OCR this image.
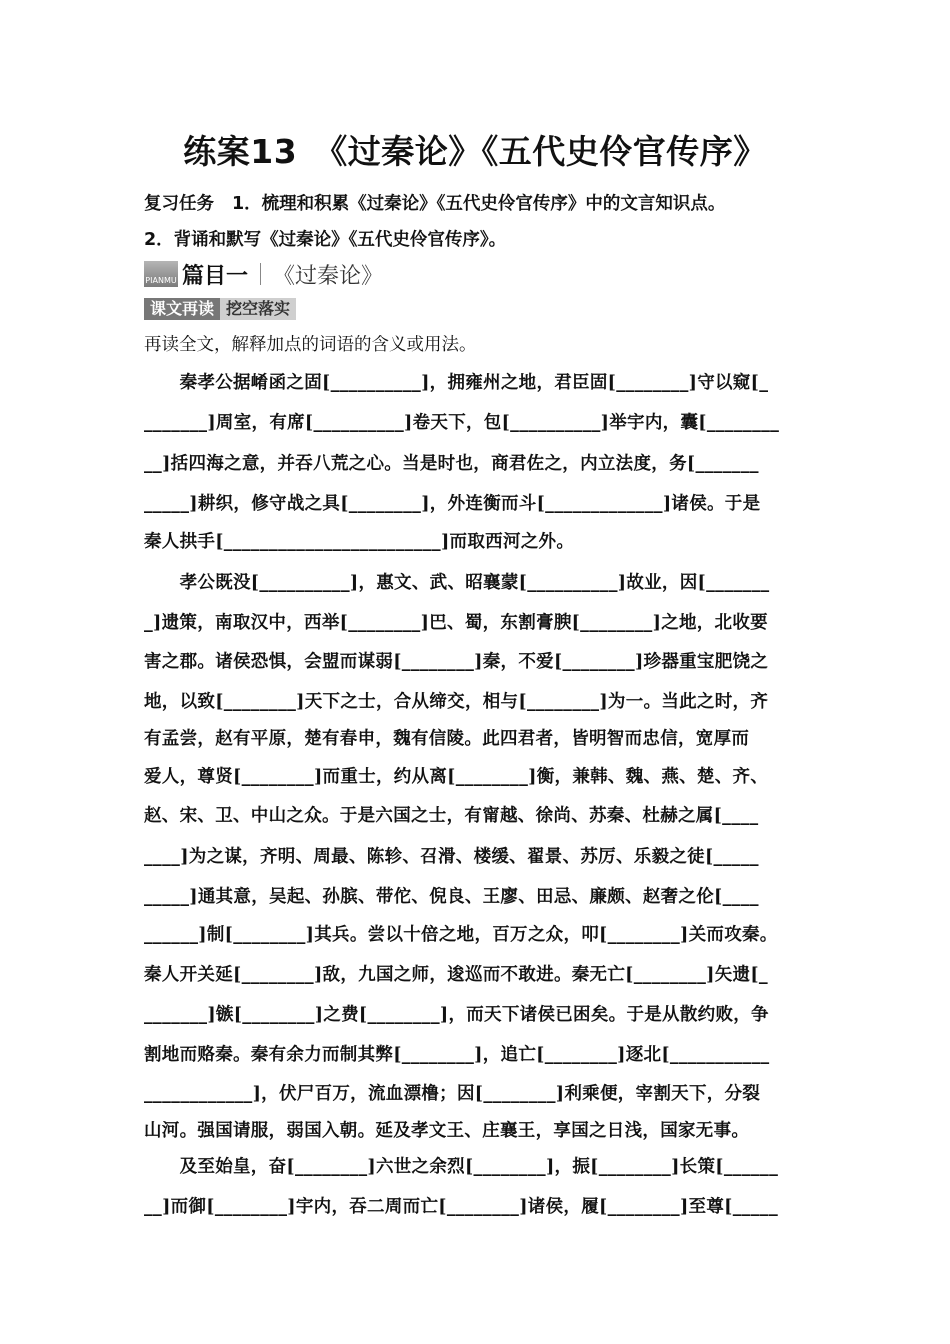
练案13　《过秦论》《五代史伶官传序》
复习任务 1．梳理和积累《过秦论》《五代史伶官传序》中的文言知识点。
2．背诵和默写《过秦论》《五代史伶官传序》。
PIANMU 篇目一 《过秦论》
课文再读 挖空落实
再读全文，解释加点的词语的含义或用法。
　　秦孝公据崤函之固[__________]，拥雍州之地，君臣固[________]守以窥[_
_______]周室，有席[__________]卷天下，包[__________]举宇内，囊[________
__]括四海之意，并吞八荒之心。当是时也，商君佐之，内立法度，务[_______
_____]耕织，修守战之具[________]，外连衡而斗[_____________]诸侯。于是
秦人拱手[________________________]而取西河之外。
　　孝公既没[__________]，惠文、武、昭襄蒙[__________]故业，因[_______
_]遗策，南取汉中，西举[________]巴、蜀，东割膏腴[________]之地，北收要
害之郡。诸侯恐惧，会盟而谋弱[________]秦，不爱[________]珍器重宝肥饶之
地，以致[________]天下之士，合从缔交，相与[________]为一。当此之时，齐
有孟尝，赵有平原，楚有春申，魏有信陵。此四君者，皆明智而忠信，宽厚而
爱人，尊贤[________]而重士，约从离[________]衡，兼韩、魏、燕、楚、齐、
赵、宋、卫、中山之众。于是六国之士，有甯越、徐尚、苏秦、杜赫之属[____
____]为之谋，齐明、周最、陈轸、召滑、楼缓、翟景、苏厉、乐毅之徒[_____
_____]通其意，吴起、孙膑、带佗、倪良、王廖、田忌、廉颇、赵奢之伦[____
______]制[________]其兵。尝以十倍之地，百万之众，叩[________]关而攻秦。
秦人开关延[________]敌，九国之师，逡巡而不敢进。秦无亡[________]矢遗[_
_______]镞[________]之费[________]，而天下诸侯已困矣。于是从散约败，争
割地而赂秦。秦有余力而制其弊[________]，追亡[________]逐北[___________
____________]，伏尸百万，流血漂橹；因[________]利乘便，宰割天下，分裂
山河。强国请服，弱国入朝。延及孝文王、庄襄王，享国之日浅，国家无事。
　　及至始皇，奋[________]六世之余烈[________]，振[________]长策[______
__]而御[________]宇内，吞二周而亡[________]诸侯，履[________]至尊[_____
